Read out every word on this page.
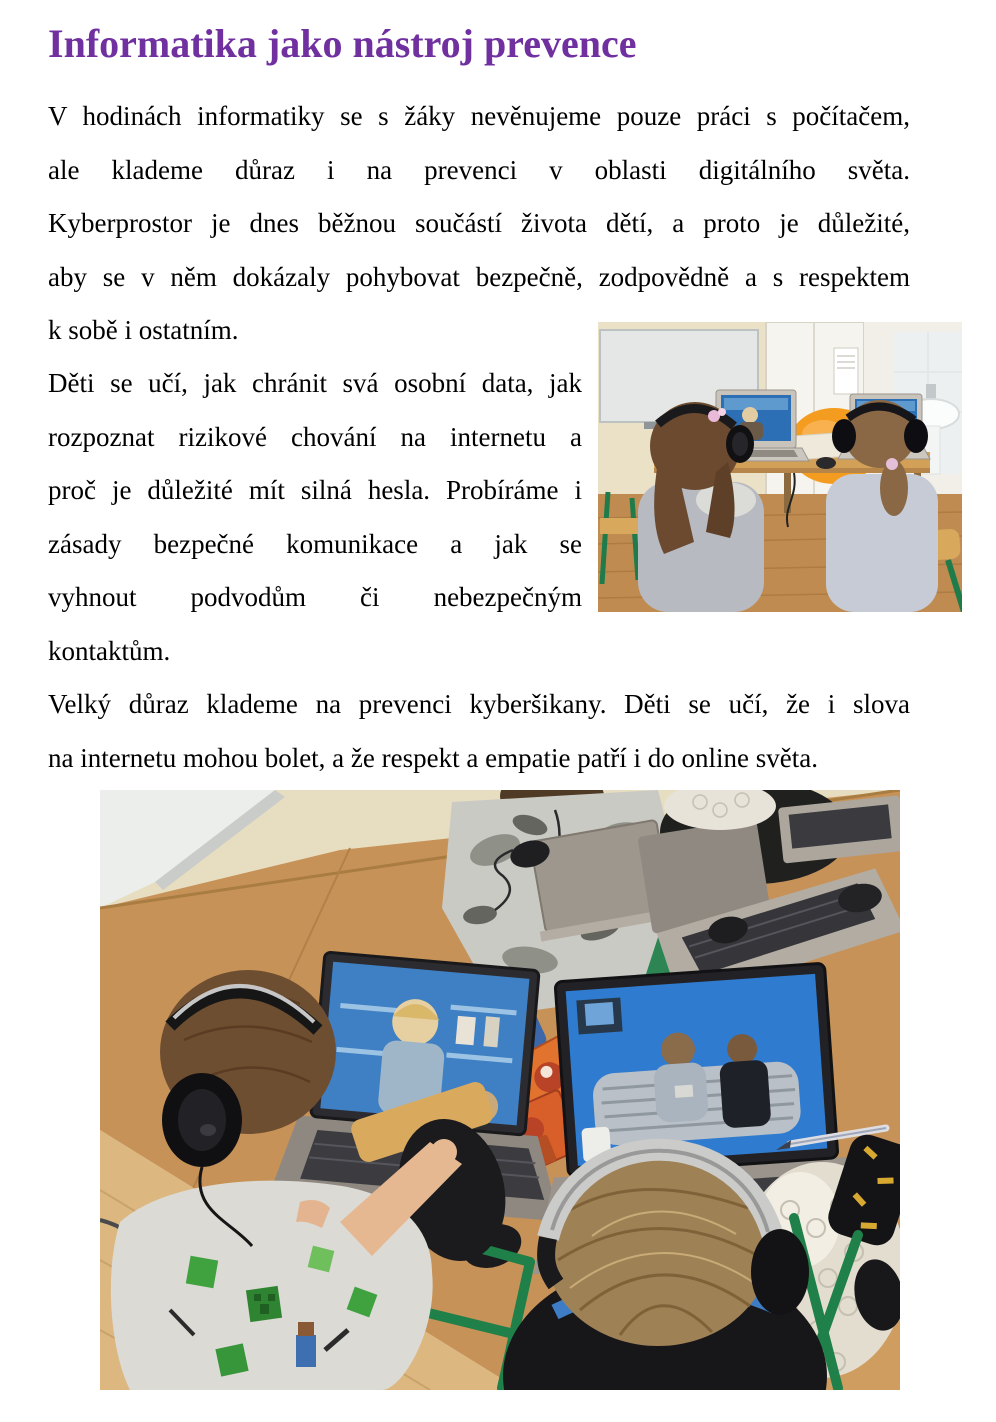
Informatika jako nástroj prevence
V hodinách informatiky se s žáky nevěnujeme pouze práci s počítačem,
ale klademe důraz i na prevenci v oblasti digitálního světa.
Kyberprostor je dnes běžnou součástí života dětí, a proto je důležité,
aby se v něm dokázaly pohybovat bezpečně, zodpovědně a s respektem
k sobě i ostatním.
Děti se učí, jak chránit svá osobní data, jak
rozpoznat rizikové chování na internetu a
proč je důležité mít silná hesla. Probíráme i
zásady bezpečné komunikace a jak se
vyhnout podvodům či nebezpečným
kontaktům.
Velký důraz klademe na prevenci kyberšikany. Děti se učí, že i slova
na internetu mohou bolet, a že respekt a empatie patří i do online světa.
